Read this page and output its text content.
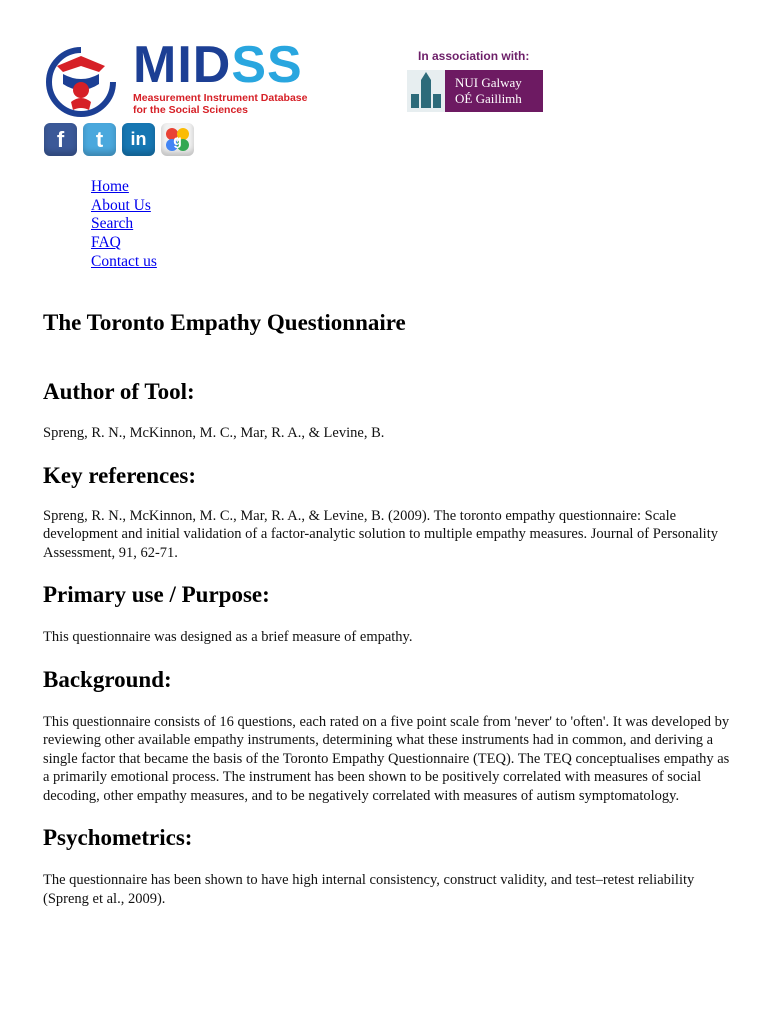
MIDSS
Measurement Instrument Database for the Social Sciences
In association with:
NUI Galway
OÉ Gaillimh
f t in g
Home
About Us
Search
FAQ
Contact us
The Toronto Empathy Questionnaire
Author of Tool:

Spreng, R. N., McKinnon, M. C., Mar, R. A., & Levine, B.

Key references:

Spreng, R. N., McKinnon, M. C., Mar, R. A., & Levine, B. (2009). The toronto empathy questionnaire: Scale development and initial validation of a factor-analytic solution to multiple empathy measures. Journal of Personality Assessment, 91, 62-71.

Primary use / Purpose:

This questionnaire was designed as a brief measure of empathy.

Background:

This questionnaire consists of 16 questions, each rated on a five point scale from 'never' to 'often'. It was developed by reviewing other available empathy instruments, determining what these instruments had in common, and deriving a single factor that became the basis of the Toronto Empathy Questionnaire (TEQ). The TEQ conceptualises empathy as a primarily emotional process. The instrument has been shown to be positively correlated with measures of social decoding, other empathy measures, and to be negatively correlated with measures of autism symptomatology.

Psychometrics:

The questionnaire has been shown to have high internal consistency, construct validity, and test–retest reliability (Spreng et al., 2009).
